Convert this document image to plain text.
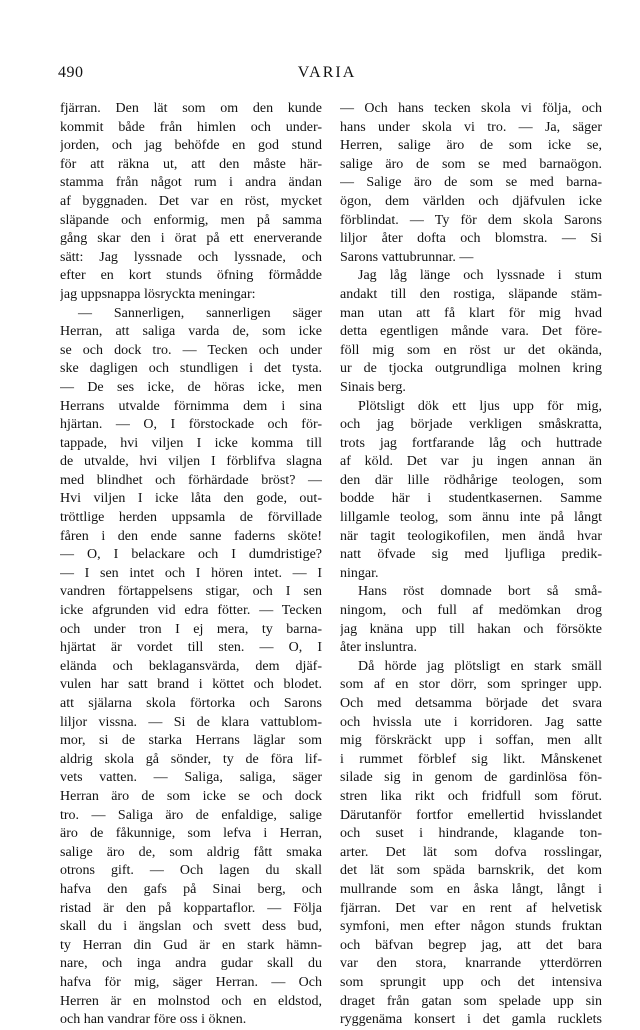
490	VARIA
fjärran. Den lät som om den kunde
kommit både från himlen och under-
jorden, och jag behöfde en god stund
för att räkna ut, att den måste här-
stamma från något rum i andra ändan
af byggnaden. Det var en röst, mycket
släpande och enformig, men på samma
gång skar den i örat på ett enerverande
sätt: Jag lyssnade och lyssnade, och
efter en kort stunds öfning förmådde
jag uppsnappa lösryckta meningar:
— Sannerligen, sannerligen säger
Herran, att saliga varda de, som icke
se och dock tro. — Tecken och under
ske dagligen och stundligen i det tysta.
— De ses icke, de höras icke, men
Herrans utvalde förnimma dem i sina
hjärtan. — O, I förstockade och för-
tappade, hvi viljen I icke komma till
de utvalde, hvi viljen I förblifva slagna
med blindhet och förhärdade bröst? —
Hvi viljen I icke låta den gode, out-
tröttlige herden uppsamla de förvillade
fåren i den ende sanne faderns sköte!
— O, I belackare och I dumdristige?
— I sen intet och I hören intet. — I
vandren förtappelsens stigar, och I sen
icke afgrunden vid edra fötter. — Tecken
och under tron I ej mera, ty barna-
hjärtat är vordet till sten. — O, I
elända och beklagansvärda, dem djäf-
vulen har satt brand i köttet och blodet.
att själarna skola förtorka och Sarons
liljor vissna. — Si de klara vattublom-
mor, si de starka Herrans läglar som
aldrig skola gå sönder, ty de föra lif-
vets vatten. — Saliga, saliga, säger
Herran äro de som icke se och dock
tro. — Saliga äro de enfaldige, salige
äro de fåkunnige, som lefva i Herran,
salige äro de, som aldrig fått smaka
otrons gift. — Och lagen du skall
hafva den gafs på Sinai berg, och
ristad är den på koppartaflor. — Följa
skall du i ängslan och svett dess bud,
ty Herran din Gud är en stark hämn-
nare, och inga andra gudar skall du
hafva för mig, säger Herran. — Och
Herren är en molnstod och en eldstod,
och han vandrar före oss i öknen.
— Och hans tecken skola vi följa, och
hans under skola vi tro. — Ja, säger
Herren, salige äro de som icke se,
salige äro de som se med barnaögon.
— Salige äro de som se med barna-
ögon, dem världen och djäfvulen icke
förblindat. — Ty för dem skola Sarons
liljor åter dofta och blomstra. — Si
Sarons vattubrunnar. —
Jag låg länge och lyssnade i stum
andakt till den rostiga, släpande stäm-
man utan att få klart för mig hvad
detta egentligen månde vara. Det före-
föll mig som en röst ur det okända,
ur de tjocka outgrundliga molnen kring
Sinais berg.
Plötsligt dök ett ljus upp för mig,
och jag började verkligen småskratta,
trots jag fortfarande låg och huttrade
af köld. Det var ju ingen annan än
den där lille rödhårige teologen, som
bodde här i studentkasernen. Samme
lillgamle teolog, som ännu inte på långt
när tagit teologikofilen, men ändå hvar
natt öfvade sig med ljufliga predik-
ningar.
Hans röst domnade bort så små-
ningom, och full af medömkan drog
jag knäna upp till hakan och försökte
åter insluntra.
Då hörde jag plötsligt en stark smäll
som af en stor dörr, som springer upp.
Och med detsamma började det svara
och hvissla ute i korridoren. Jag satte
mig förskräckt upp i soffan, men allt
i rummet förblef sig likt. Månskenet
silade sig in genom de gardinlösa fön-
stren lika rikt och fridfull som förut.
Därutanför fortfor emellertid hvisslandet
och suset i hindrande, klagande ton-
arter. Det lät som dofva rosslingar,
det lät som späda barnskrik, det kom
mullrande som en åska långt, långt i
fjärran. Det var en rent af helvetisk
symfoni, men efter någon stunds fruktan
och bäfvan begrep jag, att det bara
var den stora, knarrande ytterdörren
som sprungit upp och det intensiva
draget från gatan som spelade upp sin
ryggenäma konsert i det gamla rucklets
